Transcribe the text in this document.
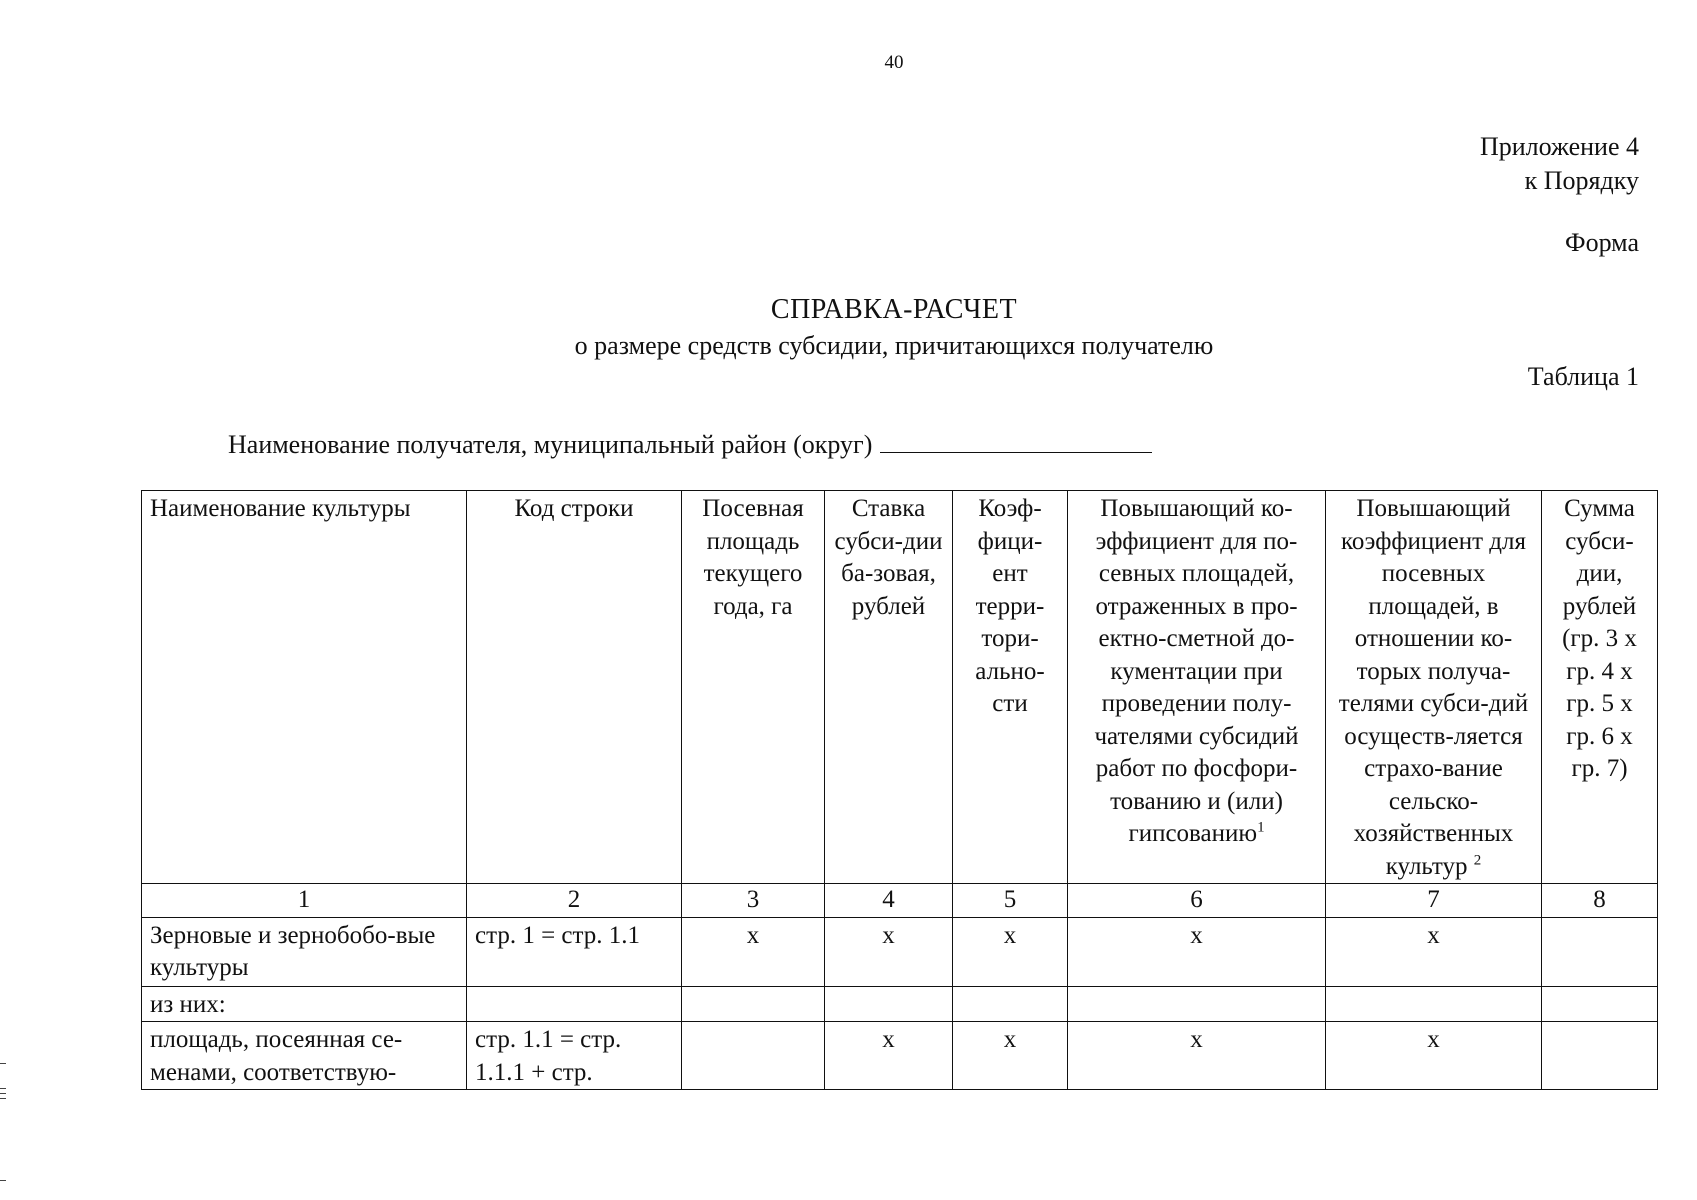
40
Приложение 4
к Порядку
Форма
СПРАВКА-РАСЧЕТ
о размере средств субсидии, причитающихся получателю
Таблица 1
Наименование получателя, муниципальный район (округ)
Наименование культуры	Код строки	Посевная площадь текущего года, га	Ставка субси-дии ба-зовая, рублей	Коэф-фици-ент терри-тори-ально-сти	Повышающий ко-эффициент для по-севных площадей, отраженных в про-ектно-сметной до-кументации при проведении полу-чателями субсидий работ по фосфори-тованию и (или) гипсованию$^1$	Повышающий коэффициент для посевных площадей, в отношении ко-торых получа-телями субси-дий осуществ-ляется страхо-вание сельско-хозяйственных культур $^2$	Сумма субси-дии, рублей (гр. 3 x гр. 4 x гр. 5 x гр. 6 x гр. 7)
1	2	3	4	5	6	7	8
Зерновые и зернобобо-вые культуры	стр. 1 = стр. 1.1	x	x	x	x	x	
из них:							
площадь, посеянная се-менами, соответствую-	стр. 1.1 = стр. 1.1.1 + стр.		x	x	x	x	
